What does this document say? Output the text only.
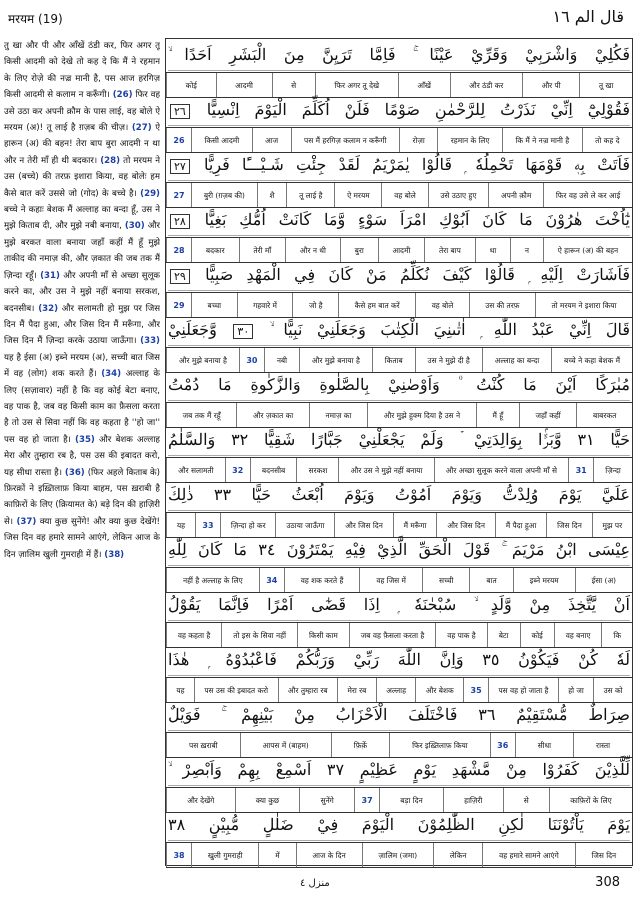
मरयम (19)	قال الم ١٦

तु खा और पी और आँखें ठंडी कर, फिर अगर तू किसी आदमी को देखे तो कह दे कि मैं ने रहमान के लिए रोज़े की नज़्र मानी है, पस आज हरगिज़ किसी आदमी से कलाम न करूँगी। (26) फिर वह उसे उठा कर अपनी क़ौम के पास लाई, वह बोले ऐ मरयम (अ)! तू लाई है ग़ज़ब की चीज़। (27) ऐ हारून (अ) की बहन! तेरा बाप बुरा आदमी न था और न तेरी माँ ही थी बदकार। (28) तो मरयम ने उस (बच्चे) की तरफ़ इशारा किया, वह बोलेः हम कैसे बात करें उससे जो (गोद) के बच्चे है। (29) बच्चे ने कहाः बेशक मैं अल्लाह का बन्दा हूँ, उस ने मुझे किताब दी, और मुझे नबी बनाया, (30) और मुझे बरकत वाला बनाया जहाँ कहीं मैं हूँ मुझे ताकीद की नमाज़ की, और ज़कात की जब तक मैं ज़िन्दा रहूँ। (31) और अपनी माँ से अच्छा सुलूक करने का, और उस ने मुझे नहीं बनाया सरकश, बदनसीब। (32) और सलामती हो मुझ पर जिस दिन मैं पैदा हुआ, और जिस दिन मैं मरूँगा, और जिस दिन मैं ज़िन्दा करके उठाया जाऊँगा। (33) यह है ईसा (अ) इब्ने मरयम (अ), सच्ची बात जिस में वह (लोग) शक करते हैं। (34) अल्लाह के लिए (सज़ावार) नहीं है कि वह कोई बेटा बनाए, वह पाक है, जब वह किसी काम का फ़ैसला करता है तो उस से सिवा नहीं कि वह कहता है ''हो जा'' पस वह हो जाता है। (35) और बेशक अल्लाह मेरा और तुम्हारा रब है, पस उस की इबादत करो, यह सीधा रास्ता है। (36) (फिर अहले किताब के) फ़िरक़ों ने इख़्तिलाफ़ किया बाहम, पस ख़राबी है काफ़िरों के लिए (क़ियामत के) बड़े दिन की हाज़िरी से। (37) क्या कुछ सुनेंगे! और क्या कुछ देखेंगे! जिस दिन वह हमारे सामने आएंगे, लेकिन आज के दिन ज़ालिम खुली गुमराही में हैं। (38)

فَكُلِيْ وَاشْرَبِيْ وَقَرِّيْ عَيْنًا ۚ فَاِمَّا تَرَيِنَّ مِنَ الْبَشَرِ اَحَدًا ۙ
तू खा
और पी
और ठंडी कर
आँखें
फिर अगर तू देखे
से
आदमी
कोई
فَقُوْلِيْٓ اِنِّيْ نَذَرْتُ لِلرَّحْمٰنِ صَوْمًا فَلَنْ اُكَلِّمَ الْيَوْمَ اِنْسِيًّا ٢٦
तो कह दे
कि मैं ने नज़्र मानी है
रहमान के लिए
रोज़ा
पस मैं हरगिज़ कलाम न करूँगी
आज
किसी आदमी
26
فَاَتَتْ بِهٖ قَوْمَهَا تَحْمِلُهٗ ۭ قَالُوْا يٰمَرْيَمُ لَقَدْ جِئْتِ شَـيْـــًٔا فَرِيًّا ٢٧
फिर वह उसे ले कर आई
अपनी क़ौम
उसे उठाए हुए
वह बोले
ऐ मरयम
तू लाई है
शै
बुरी (ग़ज़ब की)
27
يٰٓاُخْتَ هٰرُوْنَ مَا كَانَ اَبُوْكِ امْرَاَ سَوْءٍ وَّمَا كَانَتْ اُمُّكِ بَغِيًّا ٢٨
ऐ हारून (अ) की बहन
न
था
तेरा बाप
आदमी
बुरा
और न थी
तेरी माँ
बदकार
28
فَاَشَارَتْ اِلَيْهِ ۭ قَالُوْا كَيْفَ نُكَلِّمُ مَنْ كَانَ فِي الْمَهْدِ صَبِيًّا ٢٩
तो मरयम ने इशारा किया
उस की तरफ़
वह बोले
कैसे हम बात करें
जो है
गहवारे में
बच्चा
29
قَالَ اِنِّيْ عَبْدُ اللّٰهِ ۭ اٰتٰىنِيَ الْكِتٰبَ وَجَعَلَنِيْ نَبِيًّا ۙ ٣٠ وَّجَعَلَنِيْ
बच्चे ने कहा बेशक मैं
अल्लाह का बन्दा
उस ने मुझे दी है
किताब
और मुझे बनाया है
नबी
30
और मुझे बनाया है
مُبٰرَكًا اَيْنَ مَا كُنْتُ ۠ وَاَوْصٰنِيْ بِالصَّلٰوةِ وَالزَّكٰوةِ مَا دُمْتُ
बाबरकत
जहाँ कहीं
मैं हूँ
और मुझे हुक्म दिया है उस ने
नमाज़ का
और ज़कात का
जब तक मैं रहूँ
حَيًّا ٣١ وَّبَرًّۢا بِوَالِدَتِيْ ۡ وَلَمْ يَجْعَلْنِيْ جَبَّارًا شَقِيًّا ٣٢ وَالسَّلٰمُ
ज़िन्दा
31
और अच्छा सुलूक करने वाला अपनी माँ से
और उस ने मुझे नहीं बनाया
सरकश
बदनसीब
32
और सलामती
عَلَيَّ يَوْمَ وُلِدْتُّ وَيَوْمَ اَمُوْتُ وَيَوْمَ اُبْعَثُ حَيًّا ٣٣ ذٰلِكَ
मुझ पर
जिस दिन
मैं पैदा हुआ
और जिस दिन
मैं मरूँगा
और जिस दिन
उठाया जाऊँगा
ज़िन्दा हो कर
33
यह
عِيْسَى ابْنُ مَرْيَمَ ۚ قَوْلَ الْحَقِّ الَّذِيْ فِيْهِ يَمْتَرُوْنَ ٣٤ مَا كَانَ لِلّٰهِ
ईसा (अ)
इब्ने मरयम
बात
सच्ची
वह जिस में
वह शक करते हैं
34
नहीं है अल्लाह के लिए
اَنْ يَّتَّخِذَ مِنْ وَّلَدٍ ۙ سُبْحٰنَهٗ ۭ اِذَا قَضٰٓى اَمْرًا فَاِنَّمَا يَقُوْلُ
कि
वह बनाए
कोई
बेटा
वह पाक है
जब वह फ़ैसला करता है
किसी काम
तो इस के सिवा नहीं
वह कहता है
لَهٗ كُنْ فَيَكُوْنُ ٣٥ وَاِنَّ اللّٰهَ رَبِّيْ وَرَبُّكُمْ فَاعْبُدُوْهُ ۭ هٰذَا
उस को
हो जा
पस वह हो जाता है
35
और बेशक
अल्लाह
मेरा रब
और तुम्हारा रब
पस उस की इबादत करो
यह
صِرَاطٌ مُّسْتَقِيْمٌ ٣٦ فَاخْتَلَفَ الْاَحْزَابُ مِنْ بَيْنِهِمْ ۚ فَوَيْلٌ
रास्ता
सीधा
36
फिर इख़्तिलाफ़ किया
फ़िर्क़े
आपस में (बाहम)
पस ख़राबी
لِّلَّذِيْنَ كَفَرُوْا مِنْ مَّشْهَدِ يَوْمٍ عَظِيْمٍ ٣٧ اَسْمِعْ بِهِمْ وَاَبْصِرْ ۙ
काफ़िरों के लिए
से
हाज़िरी
बड़ा दिन
37
सुनेंगे
क्या कुछ
और देखेंगे
يَوْمَ يَاْتُوْنَنَا لٰكِنِ الظّٰلِمُوْنَ الْيَوْمَ فِيْ ضَلٰلٍ مُّبِيْنٍ ٣٨
जिस दिन
वह हमारे सामने आएंगे
लेकिन
ज़ालिम (जमा)
आज के दिन
में
खुली गुमराही
38
منزل ٤	308
